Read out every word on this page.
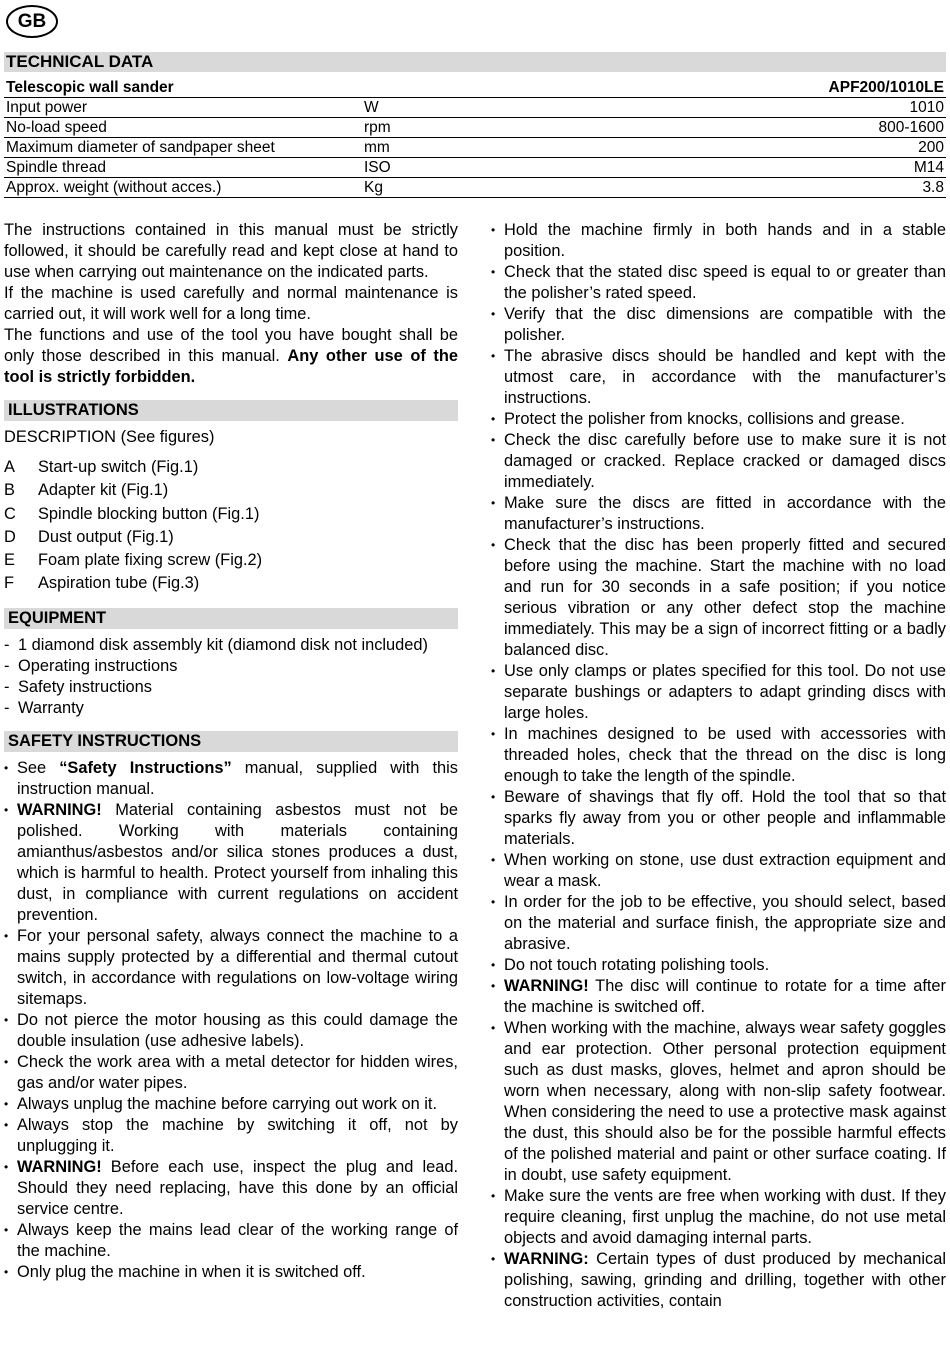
GB
TECHNICAL DATA
Telescopic wall sander		APF200/1010LE
Input power	W	1010
No-load speed	rpm	800-1600
Maximum diameter of sandpaper sheet	mm	200
Spindle thread	ISO	M14
Approx. weight (without acces.)	Kg	3.8

The instructions contained in this manual must be strictly followed, it should be carefully read and kept close at hand to use when carrying out maintenance on the indicated parts.

If the machine is used carefully and normal maintenance is carried out, it will work well for a long time.

The functions and use of the tool you have bought shall be only those described in this manual. Any other use of the tool is strictly forbidden.

ILLUSTRATIONS
DESCRIPTION (See figures)
A	Start-up switch (Fig.1)
B	Adapter kit (Fig.1)
C	Spindle blocking button (Fig.1)
D	Dust output (Fig.1)
E	Foam plate fixing screw (Fig.2)
F	Aspiration tube (Fig.3)
EQUIPMENT
- 1 diamond disk assembly kit (diamond disk not included)
- Operating instructions
- Safety instructions
- Warranty
SAFETY INSTRUCTIONS
• See “Safety Instructions” manual, supplied with this instruction manual.
• WARNING! Material containing asbestos must not be polished. Working with materials containing amianthus/asbestos and/or silica stones produces a dust, which is harmful to health. Protect yourself from inhaling this dust, in compliance with current regulations on accident prevention.
• For your personal safety, always connect the machine to a mains supply protected by a differential and thermal cutout switch, in accordance with regulations on low-voltage wiring sitemaps.
• Do not pierce the motor housing as this could damage the double insulation (use adhesive labels).
• Check the work area with a metal detector for hidden wires, gas and/or water pipes.
• Always unplug the machine before carrying out work on it.
• Always stop the machine by switching it off, not by unplugging it.
• WARNING! Before each use, inspect the plug and lead. Should they need replacing, have this done by an official service centre.
• Always keep the mains lead clear of the working range of the machine.
• Only plug the machine in when it is switched off.
• Hold the machine firmly in both hands and in a stable position.
• Check that the stated disc speed is equal to or greater than the polisher’s rated speed.
• Verify that the disc dimensions are compatible with the polisher.
• The abrasive discs should be handled and kept with the utmost care, in accordance with the manufacturer’s instructions.
• Protect the polisher from knocks, collisions and grease.
• Check the disc carefully before use to make sure it is not damaged or cracked. Replace cracked or damaged discs immediately.
• Make sure the discs are fitted in accordance with the manufacturer’s instructions.
• Check that the disc has been properly fitted and secured before using the machine. Start the machine with no load and run for 30 seconds in a safe position; if you notice serious vibration or any other defect stop the machine immediately. This may be a sign of incorrect fitting or a badly balanced disc.
• Use only clamps or plates specified for this tool. Do not use separate bushings or adapters to adapt grinding discs with large holes.
• In machines designed to be used with accessories with threaded holes, check that the thread on the disc is long enough to take the length of the spindle.
• Beware of shavings that fly off. Hold the tool that so that sparks fly away from you or other people and inflammable materials.
• When working on stone, use dust extraction equipment and wear a mask.
• In order for the job to be effective, you should select, based on the material and surface finish, the appropriate size and abrasive.
• Do not touch rotating polishing tools.
• WARNING! The disc will continue to rotate for a time after the machine is switched off.
• When working with the machine, always wear safety goggles and ear protection. Other personal protection equipment such as dust masks, gloves, helmet and apron should be worn when necessary, along with non-slip safety footwear. When considering the need to use a protective mask against the dust, this should also be for the possible harmful effects of the polished material and paint or other surface coating. If in doubt, use safety equipment.
• Make sure the vents are free when working with dust. If they require cleaning, first unplug the machine, do not use metal objects and avoid damaging internal parts.
• WARNING: Certain types of dust produced by mechanical polishing, sawing, grinding and drilling, together with other construction activities, contain
